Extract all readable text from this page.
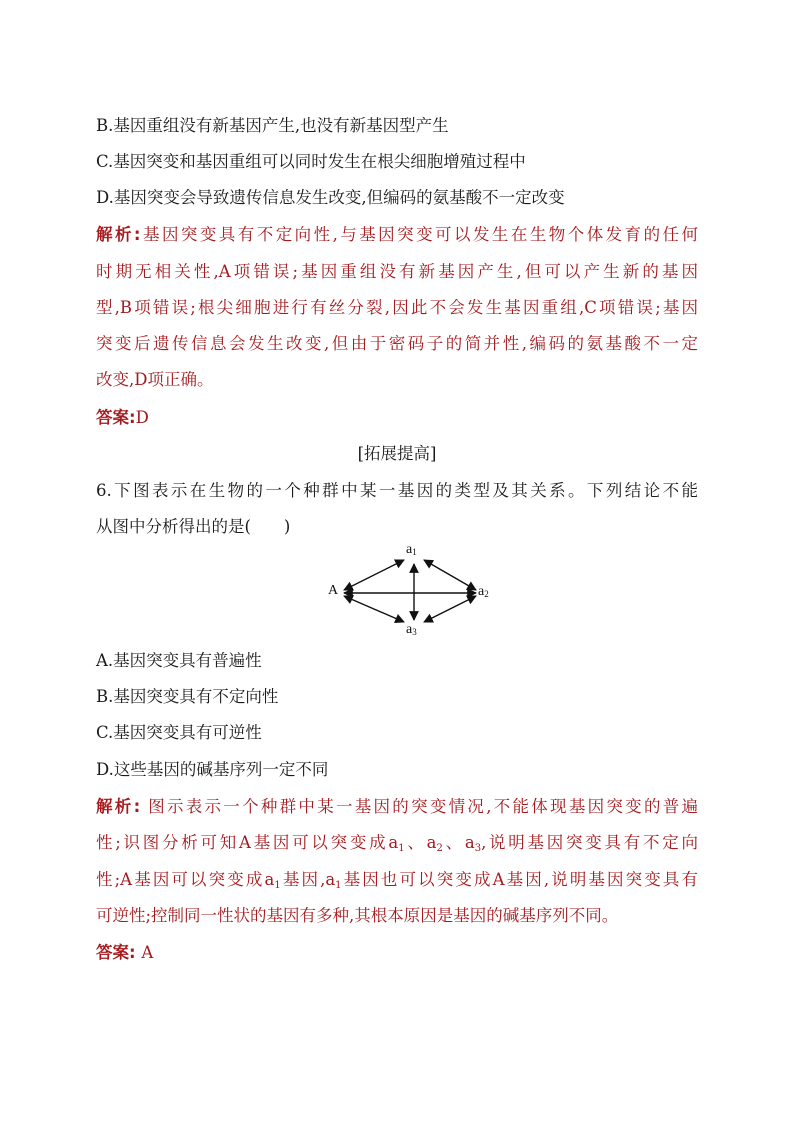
B.基因重组没有新基因产生,也没有新基因型产生
C.基因突变和基因重组可以同时发生在根尖细胞增殖过程中
D.基因突变会导致遗传信息发生改变,但编码的氨基酸不一定改变
解析:基因突变具有不定向性,与基因突变可以发生在生物个体发育的任何
时期无相关性,A项错误;基因重组没有新基因产生,但可以产生新的基因
型,B项错误;根尖细胞进行有丝分裂,因此不会发生基因重组,C项错误;基因
突变后遗传信息会发生改变,但由于密码子的简并性,编码的氨基酸不一定
改变,D项正确。
答案:D
[拓展提高]
6.下图表示在生物的一个种群中某一基因的类型及其关系。下列结论不能
从图中分析得出的是(　　)
A
$a_1$
$a_2$
$a_3$
A.基因突变具有普遍性
B.基因突变具有不定向性
C.基因突变具有可逆性
D.这些基因的碱基序列一定不同
解析: 图示表示一个种群中某一基因的突变情况,不能体现基因突变的普遍
性;识图分析可知A基因可以突变成$a_1$、$a_2$、$a_3$,说明基因突变具有不定向
性;A基因可以突变成$a_1$基因$,a_1$基因也可以突变成A基因,说明基因突变具有
可逆性;控制同一性状的基因有多种,其根本原因是基因的碱基序列不同。
答案: A
